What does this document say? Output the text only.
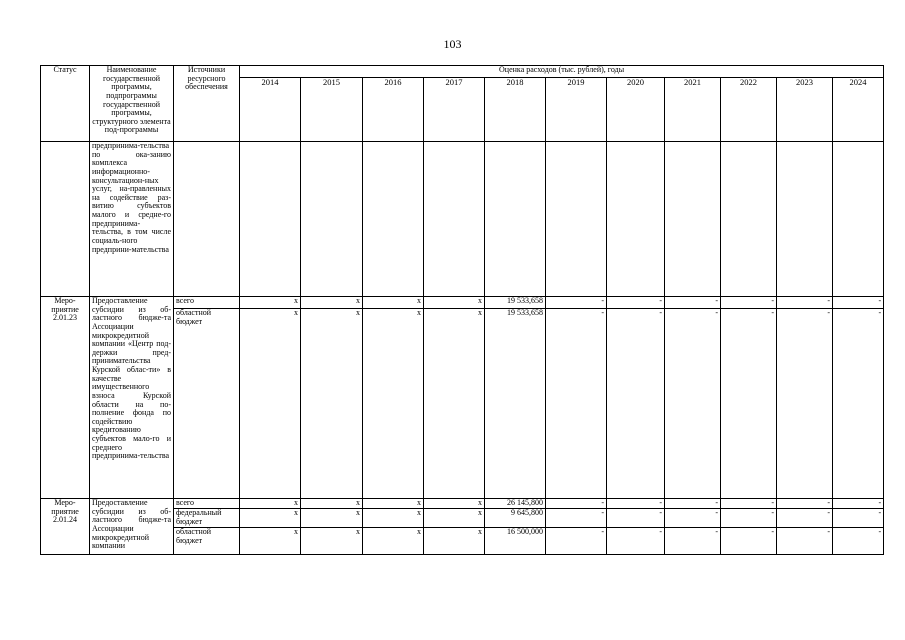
103
Статус	Наименование государственной программы, подпрограммы государственной программы, структурного элемента под-программы	Источники ресурсного обеспечения	Оценка расходов (тыс. рублей), годы										
			2014	2015	2016	2017	2018	2019	2020	2021	2022	2023	2024
	предпринима-тельства по ока-занию комплекса информационно-консультацион-ных услуг, на-правленных на содействие раз-витию субъектов малого и средне-го предпринима-тельства, в том числе социаль-ного предприни-мательства												
Меро-приятие 2.01.23	Предоставление субсидии из об-ластного бюдже-та Ассоциации микрокредитной компании «Центр под-держки пред-принимательства Курской облас-ти» в качестве имущественного взноса Курской области на по-полнение фонда по содействию кредитованию субъектов мало-го и среднего предпринима-тельства	всего	x	x	x	x	19 533,658	-	-	-	-	-	-
		областной бюджет	x	x	x	x	19 533,658	-	-	-	-	-	-
Меро-приятие 2.01.24	Предоставление субсидии из об-ластного бюдже-та Ассоциации микрокредитной компании	всего	x	x	x	x	26 145,800	-	-	-	-	-	-
		федеральный бюджет	x	x	x	x	9 645,800	-	-	-	-	-	-
		областной бюджет	x	x	x	x	16 500,000	-	-	-	-	-	-
